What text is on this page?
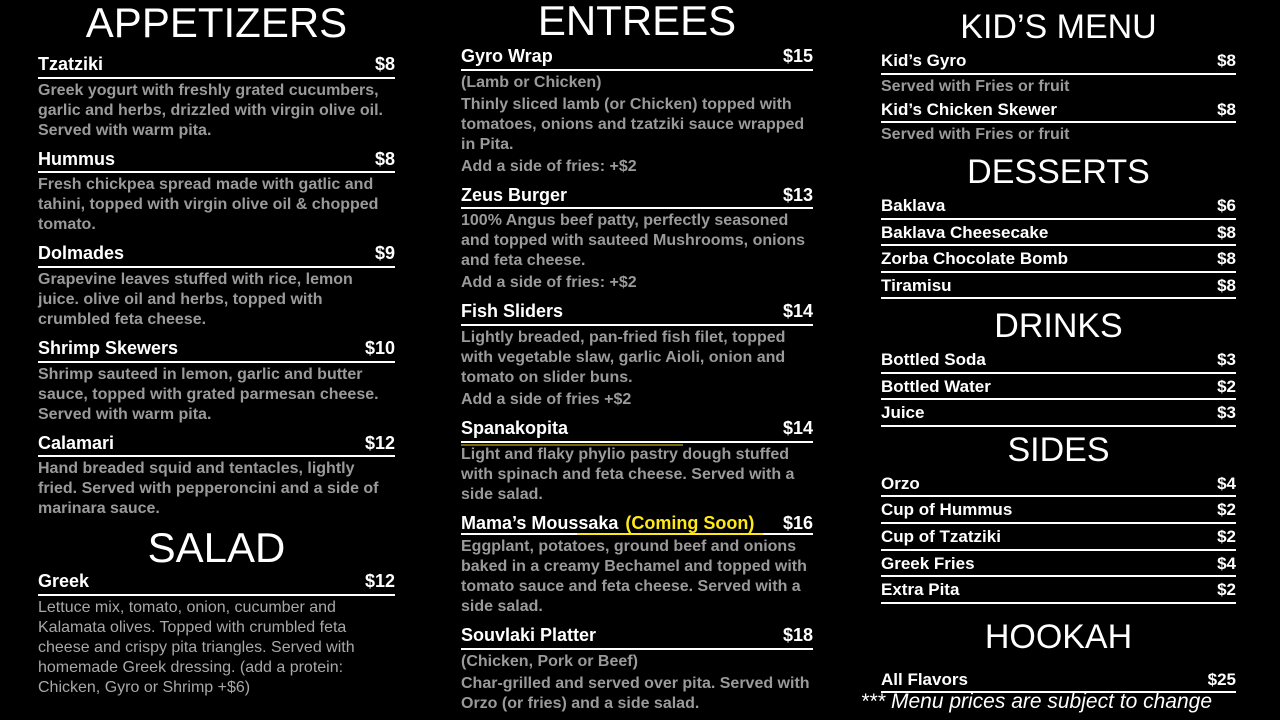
APPETIZERS
Tzatziki	$8

Greek yogurt with freshly grated cucumbers, garlic and herbs, drizzled with virgin olive oil. Served with warm pita.

Hummus	$8

Fresh chickpea spread made with gatlic and tahini, topped with virgin olive oil & chopped tomato.

Dolmades	$9

Grapevine leaves stuffed with rice, lemon juice. olive oil and herbs, topped with crumbled feta cheese.

Shrimp Skewers	$10

Shrimp sauteed in lemon, garlic and butter sauce, topped with grated parmesan cheese. Served with warm pita.

Calamari	$12

Hand breaded squid and tentacles, lightly fried. Served with pepperoncini and a side of marinara sauce.

SALAD
Greek	$12

Lettuce mix, tomato, onion, cucumber and Kalamata olives. Topped with crumbled feta cheese and crispy pita triangles. Served with homemade Greek dressing. (add a protein: Chicken, Gyro or Shrimp +$6)

ENTREES
Gyro Wrap	$15

(Lamb or Chicken)

Thinly sliced lamb (or Chicken) topped with tomatoes, onions and tzatziki sauce wrapped in Pita.

Add a side of fries: +$2

Zeus Burger	$13

100% Angus beef patty, perfectly seasoned and topped with sauteed Mushrooms, onions and feta cheese.

Add a side of fries: +$2

Fish Sliders	$14

Lightly breaded, pan-fried fish filet, topped with vegetable slaw, garlic Aioli, onion and tomato on slider buns.

Add a side of fries +$2

Spanakopita	$14

Light and flaky phylio pastry dough stuffed with spinach and feta cheese. Served with a side salad.

Mama’s Moussaka (Coming Soon) $16

Eggplant, potatoes, ground beef and onions baked in a creamy Bechamel and topped with tomato sauce and feta cheese. Served with a side salad.

Souvlaki Platter	$18

(Chicken, Pork or Beef)

Char-grilled and served over pita. Served with Orzo (or fries) and a side salad.

KID’S MENU
Kid’s Gyro	$8

Served with Fries or fruit

Kid’s Chicken Skewer	$8

Served with Fries or fruit

DESSERTS
Baklava	$6
Baklava Cheesecake	$8
Zorba Chocolate Bomb	$8
Tiramisu	$8
DRINKS
Bottled Soda	$3
Bottled Water	$2
Juice	$3
SIDES
Orzo	$4
Cup of Hummus	$2
Cup of Tzatziki	$2
Greek Fries	$4
Extra Pita	$2
HOOKAH
All Flavors	$25
*** Menu prices are subject to change
